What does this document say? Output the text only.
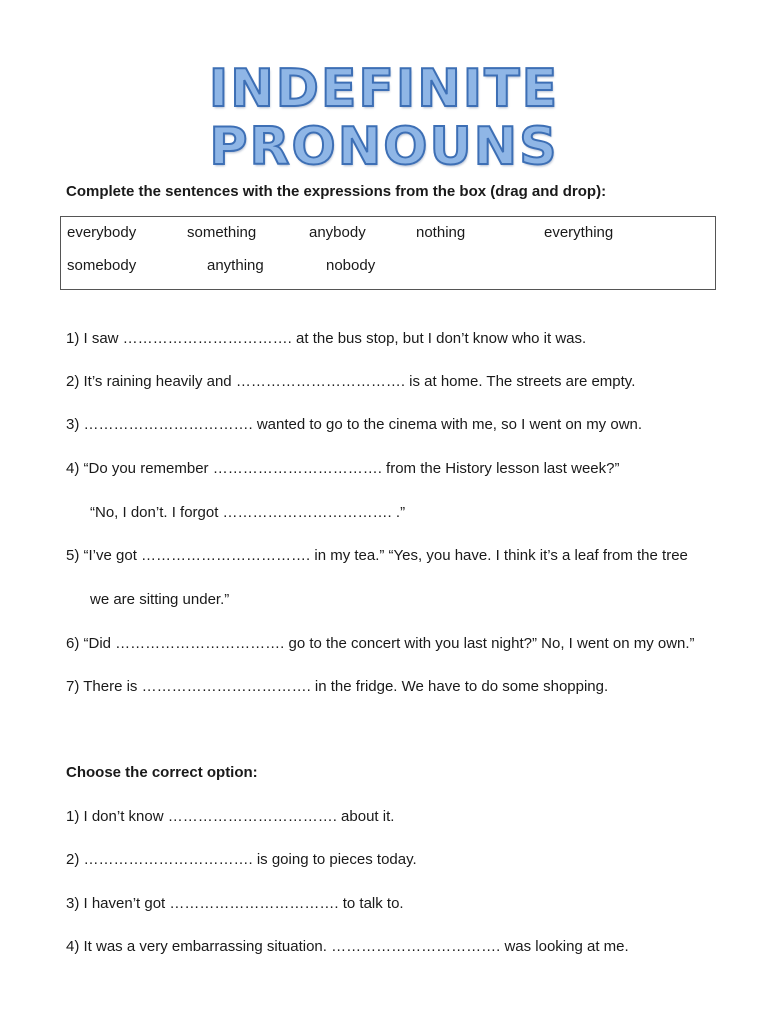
INDEFINITE
PRONOUNS
Complete the sentences with the expressions from the box (drag and drop):
everybody	something	anybody	nothing	everything
somebody	anything	nobody
1) I saw ……………………………. at the bus stop, but I don’t know who it was.
2) It’s raining heavily and ……………………………. is at home. The streets are empty.
3) ……………………………. wanted to go to the cinema with me, so I went on my own.
4) “Do you remember ……………………………. from the History lesson last week?”
“No, I don’t. I forgot ……………………………. .”
5) “I’ve got ……………………………. in my tea.” “Yes, you have. I think it’s a leaf from the tree
we are sitting under.”
6) “Did ……………………………. go to the concert with you last night?” No, I went on my own.”
7) There is ……………………………. in the fridge. We have to do some shopping.
Choose the correct option:
1) I don’t know ……………………………. about it.
2) ……………………………. is going to pieces today.
3) I haven’t got ……………………………. to talk to.
4) It was a very embarrassing situation. ……………………………. was looking at me.
